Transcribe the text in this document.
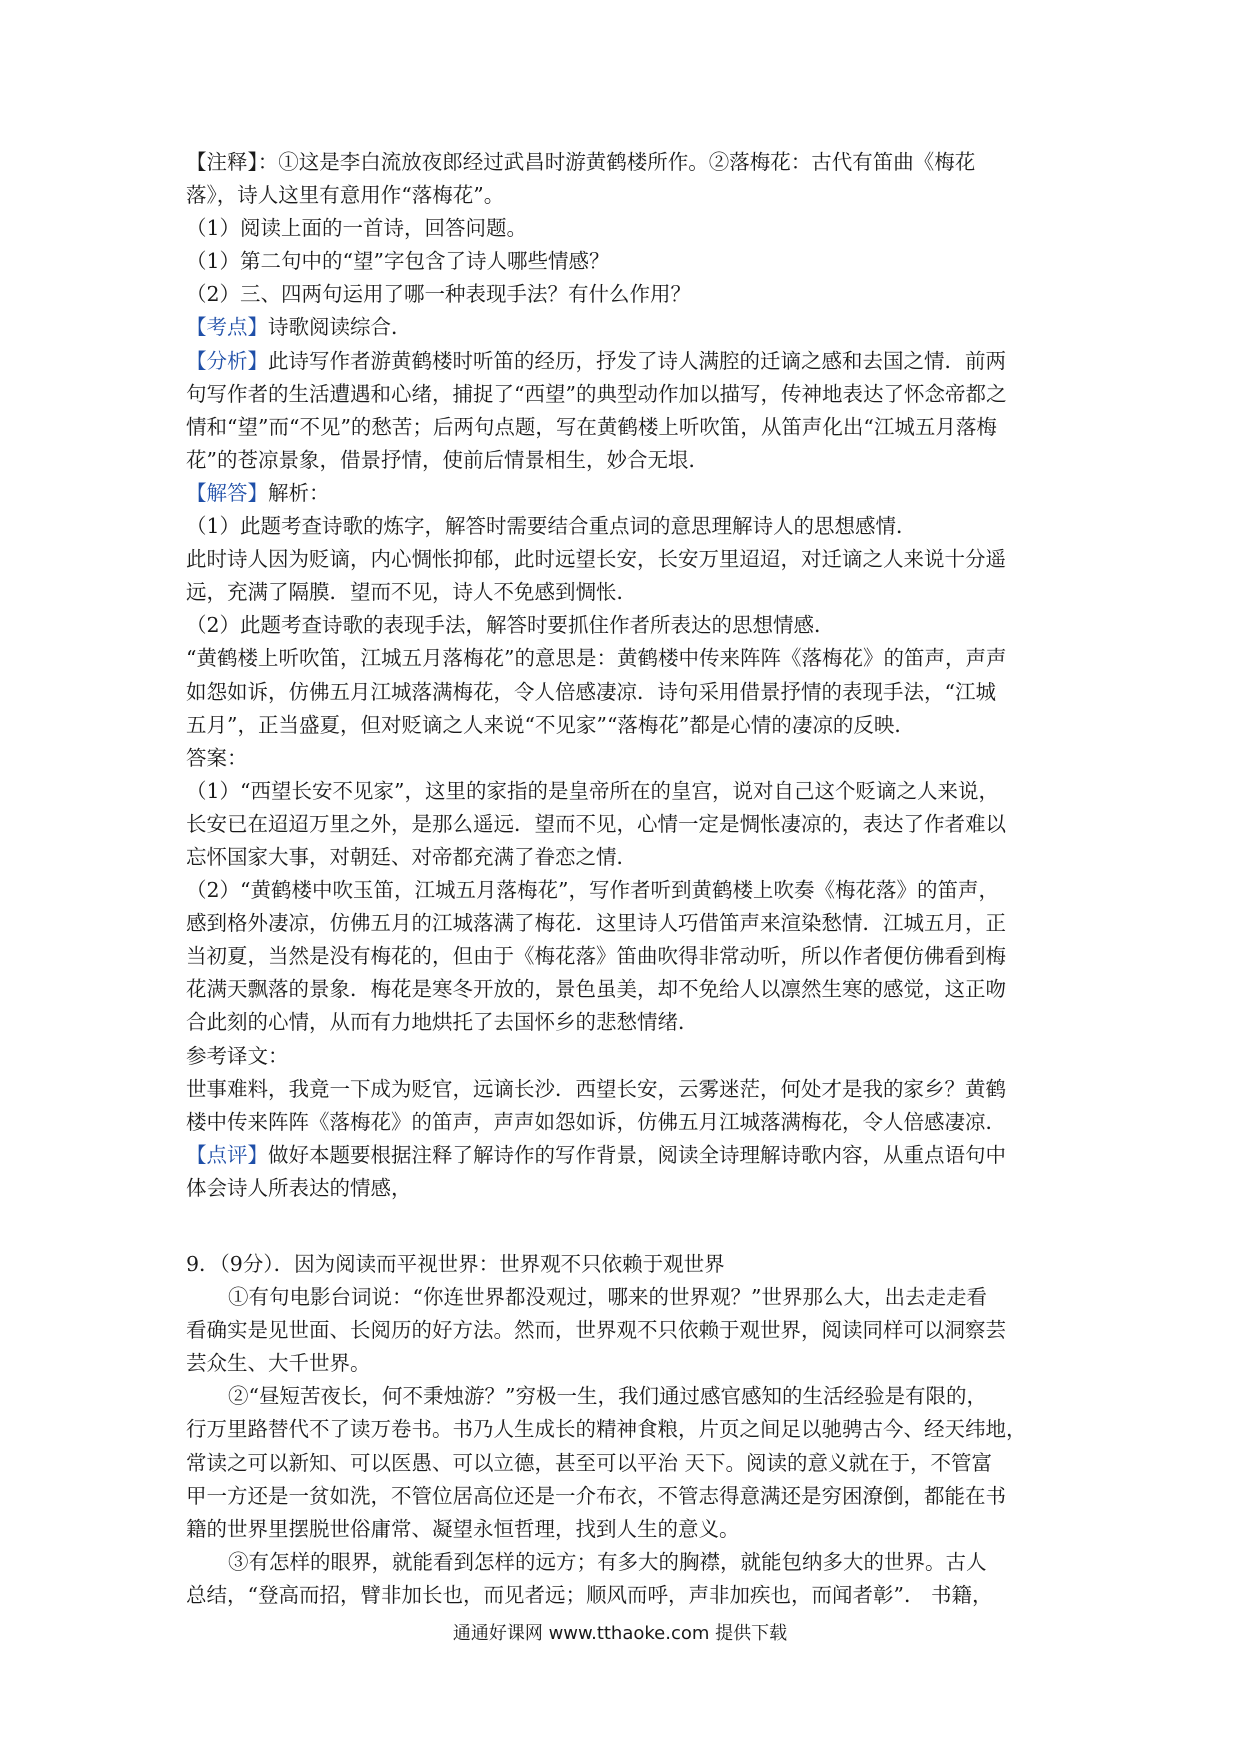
【注释】：①这是李白流放夜郎经过武昌时游黄鹤楼所作。②落梅花：古代有笛曲《梅花
落》，诗人这里有意用作“落梅花”。
（1）阅读上面的一首诗，回答问题。
（1）第二句中的“望”字包含了诗人哪些情感？
（2）三、四两句运用了哪一种表现手法？有什么作用？
【考点】诗歌阅读综合．
【分析】此诗写作者游黄鹤楼时听笛的经历，抒发了诗人满腔的迁谪之感和去国之情．前两
句写作者的生活遭遇和心绪，捕捉了“西望”的典型动作加以描写，传神地表达了怀念帝都之
情和“望”而“不见”的愁苦；后两句点题，写在黄鹤楼上听吹笛，从笛声化出“江城五月落梅
花”的苍凉景象，借景抒情，使前后情景相生，妙合无垠．
【解答】解析：
（1）此题考查诗歌的炼字，解答时需要结合重点词的意思理解诗人的思想感情．
此时诗人因为贬谪，内心惆怅抑郁，此时远望长安，长安万里迢迢，对迁谪之人来说十分遥
远，充满了隔膜．望而不见，诗人不免感到惆怅．
（2）此题考查诗歌的表现手法，解答时要抓住作者所表达的思想情感．
“黄鹤楼上听吹笛，江城五月落梅花”的意思是：黄鹤楼中传来阵阵《落梅花》的笛声，声声
如怨如诉，仿佛五月江城落满梅花，令人倍感凄凉．诗句采用借景抒情的表现手法，“江城
五月”，正当盛夏，但对贬谪之人来说“不见家”“落梅花”都是心情的凄凉的反映．
答案：
（1）“西望长安不见家”，这里的家指的是皇帝所在的皇宫，说对自己这个贬谪之人来说，
长安已在迢迢万里之外，是那么遥远．望而不见，心情一定是惆怅凄凉的，表达了作者难以
忘怀国家大事，对朝廷、对帝都充满了眷恋之情．
（2）“黄鹤楼中吹玉笛，江城五月落梅花”，写作者听到黄鹤楼上吹奏《梅花落》的笛声，
感到格外凄凉，仿佛五月的江城落满了梅花．这里诗人巧借笛声来渲染愁情．江城五月，正
当初夏，当然是没有梅花的，但由于《梅花落》笛曲吹得非常动听，所以作者便仿佛看到梅
花满天飘落的景象．梅花是寒冬开放的，景色虽美，却不免给人以凛然生寒的感觉，这正吻
合此刻的心情，从而有力地烘托了去国怀乡的悲愁情绪．
参考译文：
世事难料，我竟一下成为贬官，远谪长沙．西望长安，云雾迷茫，何处才是我的家乡？黄鹤
楼中传来阵阵《落梅花》的笛声，声声如怨如诉，仿佛五月江城落满梅花，令人倍感凄凉．
【点评】做好本题要根据注释了解诗作的写作背景，阅读全诗理解诗歌内容，从重点语句中
体会诗人所表达的情感，
9．（9分）．因为阅读而平视世界：世界观不只依赖于观世界
①有句电影台词说：“你连世界都没观过，哪来的世界观？”世界那么大，出去走走看
看确实是见世面、长阅历的好方法。然而，世界观不只依赖于观世界，阅读同样可以洞察芸
芸众生、大千世界。
②“昼短苦夜长，何不秉烛游？”穷极一生，我们通过感官感知的生活经验是有限的，
行万里路替代不了读万卷书。书乃人生成长的精神食粮，片页之间足以驰骋古今、经天纬地，
常读之可以新知、可以医愚、可以立德，甚至可以平治 天下。阅读的意义就在于，不管富
甲一方还是一贫如洗，不管位居高位还是一介布衣，不管志得意满还是穷困潦倒，都能在书
籍的世界里摆脱世俗庸常、凝望永恒哲理，找到人生的意义。
③有怎样的眼界，就能看到怎样的远方；有多大的胸襟，就能包纳多大的世界。古人
总结，“登高而招，臂非加长也，而见者远；顺风而呼，声非加疾也，而闻者彰”． 书籍，
通通好课网 www.tthaoke.com 提供下载
